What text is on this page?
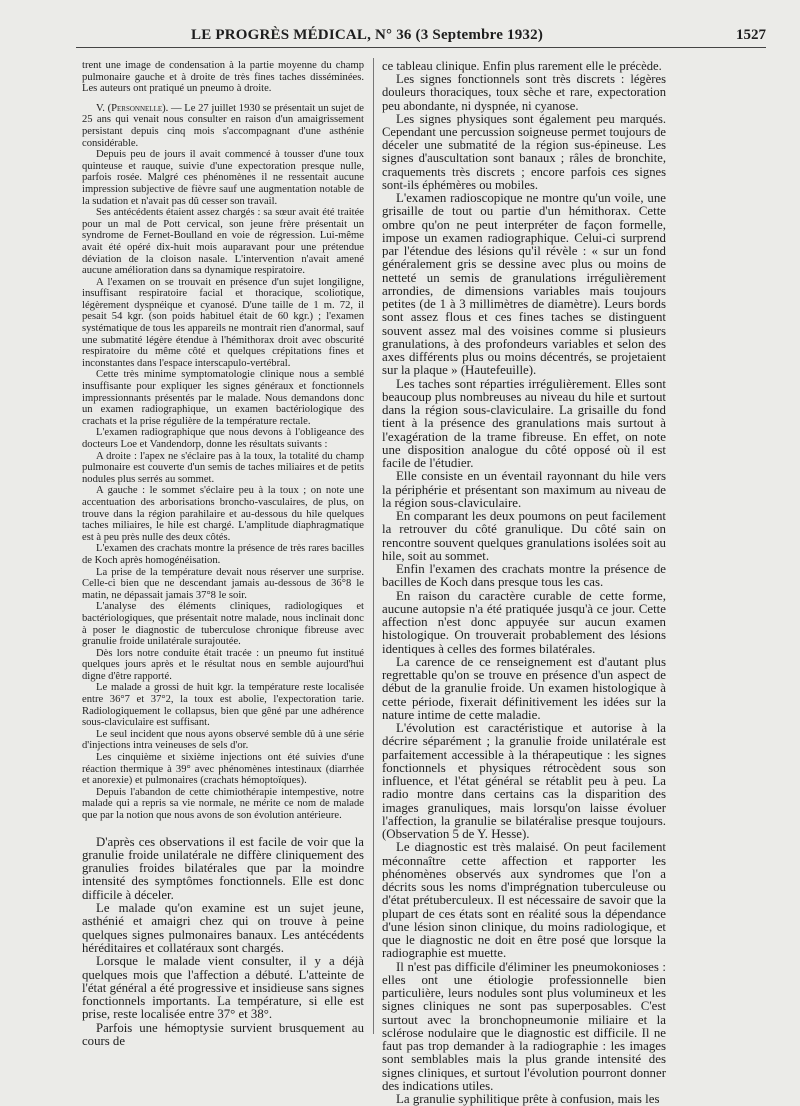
LE PROGRÈS MÉDICAL, N° 36 (3 Septembre 1932)	1527

trent une image de condensation à la partie moyenne du champ pulmonaire gauche et à droite de très fines taches disséminées. Les auteurs ont pratiqué un pneumo à droite.

V. (Personnelle). — Le 27 juillet 1930 se présentait un sujet de 25 ans qui venait nous consulter en raison d'un amaigrissement persistant depuis cinq mois s'accompagnant d'une asthénie considérable.

Depuis peu de jours il avait commencé à tousser d'une toux quinteuse et rauque, suivie d'une expectoration presque nulle, parfois rosée. Malgré ces phénomènes il ne ressentait aucune impression subjective de fièvre sauf une augmentation notable de la sudation et n'avait pas dû cesser son travail.

Ses antécédents étaient assez chargés : sa sœur avait été traitée pour un mal de Pott cervical, son jeune frère présentait un syndrome de Fernet-Boulland en voie de régression. Lui-même avait été opéré dix-huit mois auparavant pour une prétendue déviation de la cloison nasale. L'intervention n'avait amené aucune amélioration dans sa dynamique respiratoire.

A l'examen on se trouvait en présence d'un sujet longiligne, insuffisant respiratoire facial et thoracique, scoliotique, légèrement dyspnéique et cyanosé. D'une taille de 1 m. 72, il pesait 54 kgr. (son poids habituel était de 60 kgr.) ; l'examen systématique de tous les appareils ne montrait rien d'anormal, sauf une submatité légère étendue à l'hémithorax droit avec obscurité respiratoire du même côté et quelques crépitations fines et inconstantes dans l'espace interscapulo-vertébral.

Cette très minime symptomatologie clinique nous a semblé insuffisante pour expliquer les signes généraux et fonctionnels impressionnants présentés par le malade. Nous demandons donc un examen radiographique, un examen bactériologique des crachats et la prise régulière de la température rectale.

L'examen radiographique que nous devons à l'obligeance des docteurs Loe et Vandendorp, donne les résultats suivants :

A droite : l'apex ne s'éclaire pas à la toux, la totalité du champ pulmonaire est couverte d'un semis de taches miliaires et de petits nodules plus serrés au sommet.

A gauche : le sommet s'éclaire peu à la toux ; on note une accentuation des arborisations broncho-vasculaires, de plus, on trouve dans la région parahilaire et au-dessous du hile quelques taches miliaires, le hile est chargé. L'amplitude diaphragmatique est à peu près nulle des deux côtés.

L'examen des crachats montre la présence de très rares bacilles de Koch après homogénéisation.

La prise de la température devait nous réserver une surprise. Celle-ci bien que ne descendant jamais au-dessous de 36°8 le matin, ne dépassait jamais 37°8 le soir.

L'analyse des éléments cliniques, radiologiques et bactériologiques, que présentait notre malade, nous inclinait donc à poser le diagnostic de tuberculose chronique fibreuse avec granulie froide unilatérale surajoutée.

Dès lors notre conduite était tracée : un pneumo fut institué quelques jours après et le résultat nous en semble aujourd'hui digne d'être rapporté.

Le malade a grossi de huit kgr. la température reste localisée entre 36°7 et 37°2, la toux est abolie, l'expectoration tarie. Radiologiquement le collapsus, bien que gêné par une adhérence sous-claviculaire est suffisant.

Le seul incident que nous ayons observé semble dû à une série d'injections intra veineuses de sels d'or.

Les cinquième et sixième injections ont été suivies d'une réaction thermique à 39° avec phénomènes intestinaux (diarrhée et anorexie) et pulmonaires (crachats hémoptoïques).

Depuis l'abandon de cette chimiothérapie intempestive, notre malade qui a repris sa vie normale, ne mérite ce nom de malade que par la notion que nous avons de son évolution antérieure.

D'après ces observations il est facile de voir que la granulie froide unilatérale ne diffère cliniquement des granulies froides bilatérales que par la moindre intensité des symptômes fonctionnels. Elle est donc difficile à déceler.

Le malade qu'on examine est un sujet jeune, asthénié et amaigri chez qui on trouve à peine quelques signes pulmonaires banaux. Les antécédents héréditaires et collatéraux sont chargés.

Lorsque le malade vient consulter, il y a déjà quelques mois que l'affection a débuté. L'atteinte de l'état général a été progressive et insidieuse sans signes fonctionnels importants. La température, si elle est prise, reste localisée entre 37° et 38°.

Parfois une hémoptysie survient brusquement au cours de

ce tableau clinique. Enfin plus rarement elle le précède.

Les signes fonctionnels sont très discrets : légères douleurs thoraciques, toux sèche et rare, expectoration peu abondante, ni dyspnée, ni cyanose.

Les signes physiques sont également peu marqués. Cependant une percussion soigneuse permet toujours de déceler une submatité de la région sus-épineuse. Les signes d'auscultation sont banaux ; râles de bronchite, craquements très discrets ; encore parfois ces signes sont-ils éphémères ou mobiles.

L'examen radioscopique ne montre qu'un voile, une grisaille de tout ou partie d'un hémithorax. Cette ombre qu'on ne peut interpréter de façon formelle, impose un examen radiographique. Celui-ci surprend par l'étendue des lésions qu'il révèle : « sur un fond généralement gris se dessine avec plus ou moins de netteté un semis de granulations irrégulièrement arrondies, de dimensions variables mais toujours petites (de 1 à 3 millimètres de diamètre). Leurs bords sont assez flous et ces fines taches se distinguent souvent assez mal des voisines comme si plusieurs granulations, à des profondeurs variables et selon des axes différents plus ou moins décentrés, se projetaient sur la plaque » (Hautefeuille).

Les taches sont réparties irrégulièrement. Elles sont beaucoup plus nombreuses au niveau du hile et surtout dans la région sous-claviculaire. La grisaille du fond tient à la présence des granulations mais surtout à l'exagération de la trame fibreuse. En effet, on note une disposition analogue du côté opposé où il est facile de l'étudier.

Elle consiste en un éventail rayonnant du hile vers la périphérie et présentant son maximum au niveau de la région sous-claviculaire.

En comparant les deux poumons on peut facilement la retrouver du côté granulique. Du côté sain on rencontre souvent quelques granulations isolées soit au hile, soit au sommet.

Enfin l'examen des crachats montre la présence de bacilles de Koch dans presque tous les cas.

En raison du caractère curable de cette forme, aucune autopsie n'a été pratiquée jusqu'à ce jour. Cette affection n'est donc appuyée sur aucun examen histologique. On trouverait probablement des lésions identiques à celles des formes bilatérales.

La carence de ce renseignement est d'autant plus regrettable qu'on se trouve en présence d'un aspect de début de la granulie froide. Un examen histologique à cette période, fixerait définitivement les idées sur la nature intime de cette maladie.

L'évolution est caractéristique et autorise à la décrire séparément ; la granulie froide unilatérale est parfaitement accessible à la thérapeutique : les signes fonctionnels et physiques rétrocèdent sous son influence, et l'état général se rétablit peu à peu. La radio montre dans certains cas la disparition des images granuliques, mais lorsqu'on laisse évoluer l'affection, la granulie se bilatéralise presque toujours. (Observation 5 de Y. Hesse).

Le diagnostic est très malaisé. On peut facilement méconnaître cette affection et rapporter les phénomènes observés aux syndromes que l'on a décrits sous les noms d'imprégnation tuberculeuse ou d'état prétuberculeux. Il est nécessaire de savoir que la plupart de ces états sont en réalité sous la dépendance d'une lésion sinon clinique, du moins radiologique, et que le diagnostic ne doit en être posé que lorsque la radiographie est muette.

Il n'est pas difficile d'éliminer les pneumokonioses : elles ont une étiologie professionnelle bien particulière, leurs nodules sont plus volumineux et les signes cliniques ne sont pas superposables. C'est surtout avec la bronchopneumonie miliaire et la sclérose nodulaire que le diagnostic est difficile. Il ne faut pas trop demander à la radiographie : les images sont semblables mais la plus grande intensité des signes cliniques, et surtout l'évolution pourront donner des indications utiles.

La granulie syphilitique prête à confusion, mais les
